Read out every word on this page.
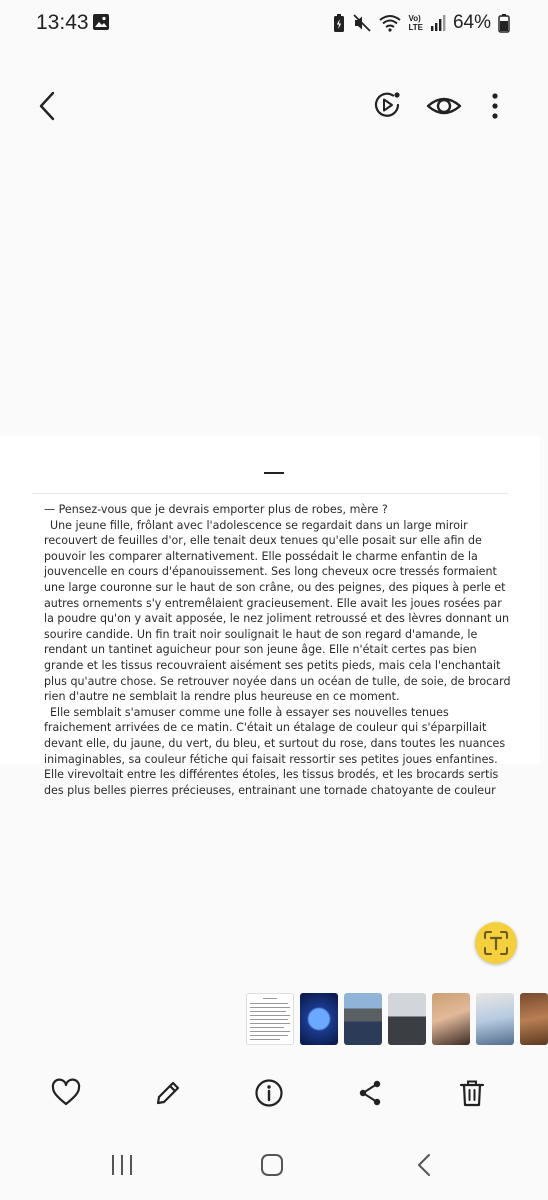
13:43	Vo)
LTE 64%

— Pensez-vous que je devrais emporter plus de robes, mère ?

Une jeune fille, frôlant avec l'adolescence se regardait dans un large miroir recouvert de feuilles d'or, elle tenait deux tenues qu'elle posait sur elle afin de pouvoir les comparer alternativement. Elle possédait le charme enfantin de la jouvencelle en cours d'épanouissement. Ses long cheveux ocre tressés formaient une large couronne sur le haut de son crâne, ou des peignes, des piques à perle et autres ornements s'y entremêlaient gracieusement. Elle avait les joues rosées par la poudre qu'on y avait apposée, le nez joliment retroussé et des lèvres donnant un sourire candide. Un fin trait noir soulignait le haut de son regard d'amande, le rendant un tantinet aguicheur pour son jeune âge. Elle n'était certes pas bien grande et les tissus recouvraient aisément ses petits pieds, mais cela l'enchantait plus qu'autre chose. Se retrouver noyée dans un océan de tulle, de soie, de brocard rien d'autre ne semblait la rendre plus heureuse en ce moment.

Elle semblait s'amuser comme une folle à essayer ses nouvelles tenues fraichement arrivées de ce matin. C'était un étalage de couleur qui s'éparpillait devant elle, du jaune, du vert, du bleu, et surtout du rose, dans toutes les nuances inimaginables, sa couleur fétiche qui faisait ressortir ses petites joues enfantines. Elle virevoltait entre les différentes étoles, les tissus brodés, et les brocards sertis des plus belles pierres précieuses, entrainant une tornade chatoyante de couleur
